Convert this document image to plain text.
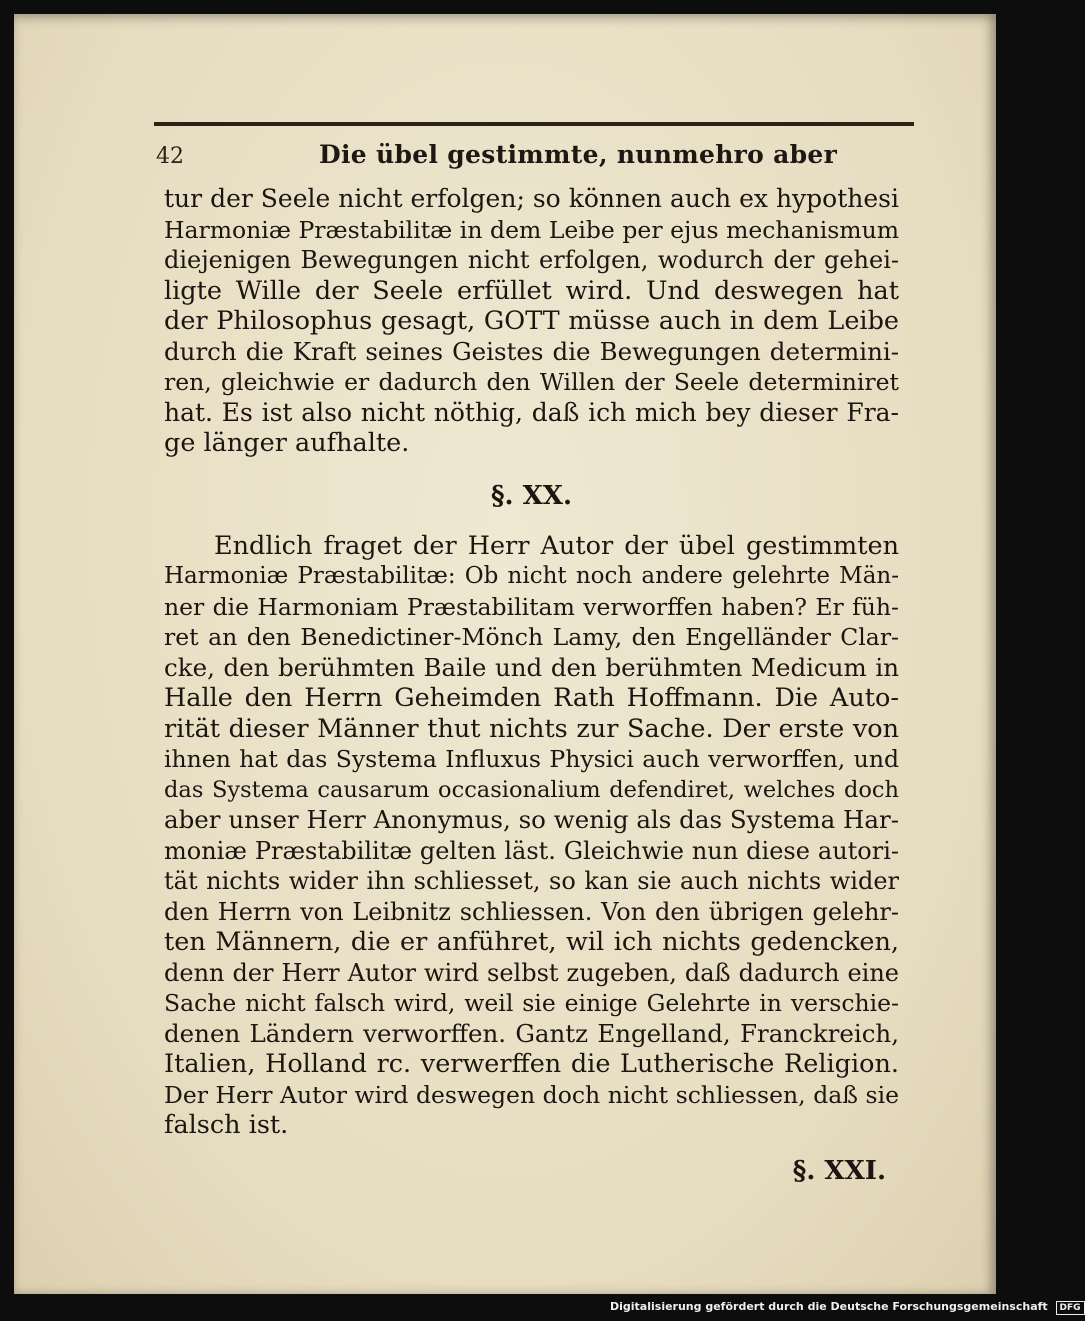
42	Die übel gestimmte, nunmehro aber
tur der Seele nicht erfolgen; so können auch ex hypothesi
Harmoniæ Præstabilitæ in dem Leibe per ejus mechanismum
diejenigen Bewegungen nicht erfolgen, wodurch der gehei-
ligte Wille der Seele erfüllet wird. Und deswegen hat
der Philosophus gesagt, GOTT müsse auch in dem Leibe
durch die Kraft seines Geistes die Bewegungen determini-
ren, gleichwie er dadurch den Willen der Seele determiniret
hat. Es ist also nicht nöthig, daß ich mich bey dieser Fra-
ge länger aufhalte.
§. XX.
Endlich fraget der Herr Autor der übel gestimmten
Harmoniæ Præstabilitæ: Ob nicht noch andere gelehrte Män-
ner die Harmoniam Præstabilitam verworffen haben? Er füh-
ret an den Benedictiner-Mönch Lamy, den Engelländer Clar-
cke, den berühmten Baile und den berühmten Medicum in
Halle den Herrn Geheimden Rath Hoffmann. Die Auto-
rität dieser Männer thut nichts zur Sache. Der erste von
ihnen hat das Systema Influxus Physici auch verworffen, und
das Systema causarum occasionalium defendiret, welches doch
aber unser Herr Anonymus, so wenig als das Systema Har-
moniæ Præstabilitæ gelten läst. Gleichwie nun diese autori-
tät nichts wider ihn schliesset, so kan sie auch nichts wider
den Herrn von Leibnitz schliessen. Von den übrigen gelehr-
ten Männern, die er anführet, wil ich nichts gedencken,
denn der Herr Autor wird selbst zugeben, daß dadurch eine
Sache nicht falsch wird, weil sie einige Gelehrte in verschie-
denen Ländern verworffen. Gantz Engelland, Franckreich,
Italien, Holland rc. verwerffen die Lutherische Religion.
Der Herr Autor wird deswegen doch nicht schliessen, daß sie
falsch ist.
§. XXI.
Digitalisierung gefördert durch die Deutsche Forschungsgemeinschaft DFG
